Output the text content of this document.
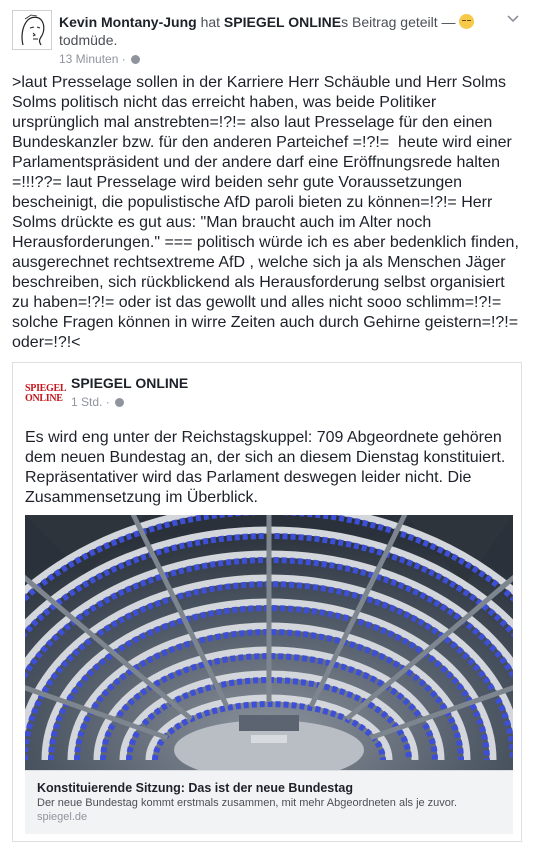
Kevin Montany-Jung hat SPIEGEL ONLINEs Beitrag geteilt —  todmüde.
13 Minuten ·
>laut Presselage sollen in der Karriere Herr Schäuble und Herr Solms Solms politisch nicht das erreicht haben, was beide Politiker ursprünglich mal anstrebten=!?!= also laut Presselage für den einen Bundeskanzler bzw. für den anderen Parteichef =!?!=  heute wird einer Parlamentspräsident und der andere darf eine Eröffnungsrede halten =!!!??= laut Presselage wird beiden sehr gute Voraussetzungen bescheinigt, die populistische AfD paroli bieten zu können=!?!= Herr Solms drückte es gut aus: "Man braucht auch im Alter noch Herausforderungen." === politisch würde ich es aber bedenklich finden, ausgerechnet rechtsextreme AfD , welche sich ja als Menschen Jäger beschreiben, sich rückblickend als Herausforderung selbst organisiert zu haben=!?!= oder ist das gewollt und alles nicht sooo schlimm=!?!= solche Fragen können in wirre Zeiten auch durch Gehirne geistern=!?!= oder=!?!<
SPIEGEL
ONLINE
SPIEGEL ONLINE
1 Std. ·
Es wird eng unter der Reichstagskuppel: 709 Abgeordnete gehören dem neuen Bundestag an, der sich an diesem Dienstag konstituiert. Repräsentativer wird das Parlament deswegen leider nicht. Die Zusammensetzung im Überblick.
Konstituierende Sitzung: Das ist der neue Bundestag
Der neue Bundestag kommt erstmals zusammen, mit mehr Abgeordneten als je zuvor.
spiegel.de
